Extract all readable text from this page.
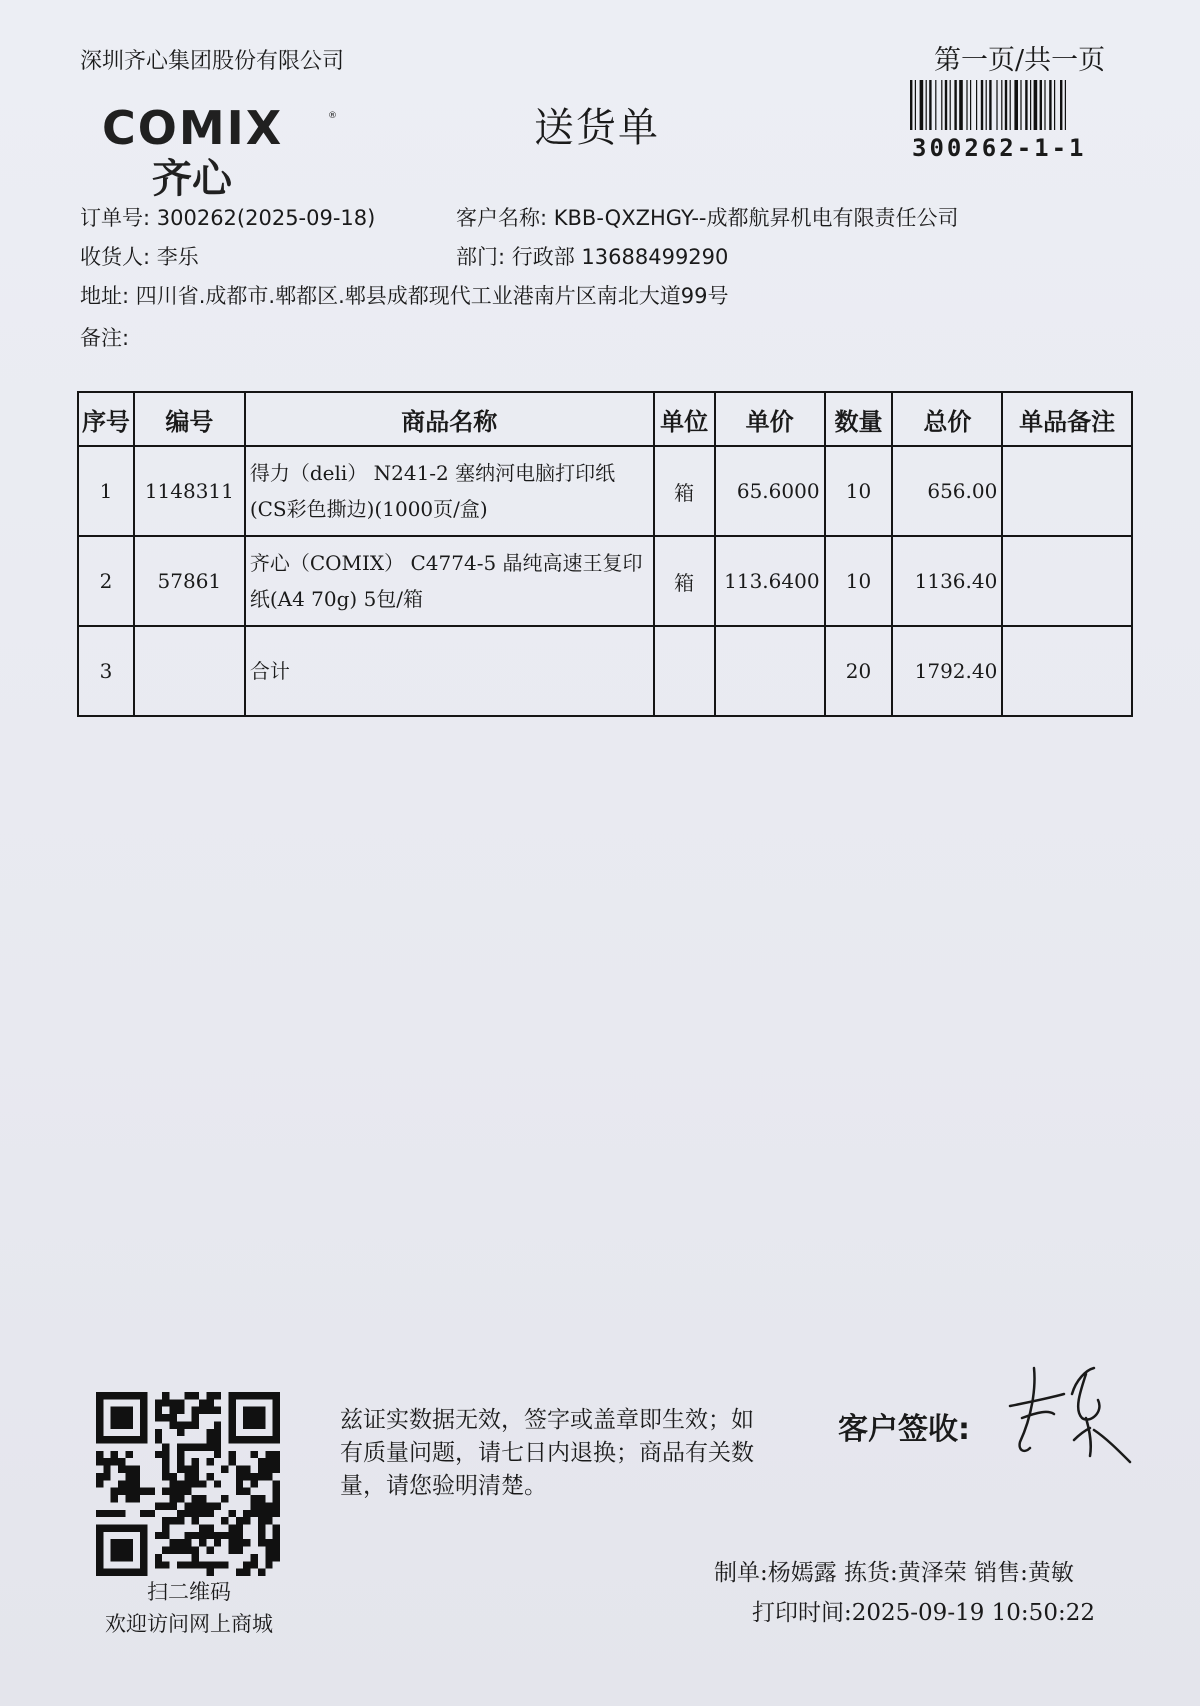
深圳齐心集团股份有限公司	第一页/共一页
300262-1-1
COMIX	®
齐心
送货单
订单号: 300262(2025-09-18)	客户名称: KBB-QXZHGY--成都航昇机电有限责任公司
收货人: 李乐	部门: 行政部 13688499290
地址: 四川省.成都市.郫都区.郫县成都现代工业港南片区南北大道99号
备注:
序号	编号	商品名称	单位	单价	数量	总价	单品备注
1	1148311	得力（deli） N241-2 塞纳河电脑打印纸(CS彩色撕边)(1000页/盒)	箱	65.6000	10	656.00	
2	57861	齐心（COMIX） C4774-5 晶纯高速王复印纸(A4 70g) 5包/箱	箱	113.6400	10	1136.40	
3		合计			20	1792.40	
扫二维码
欢迎访问网上商城
兹证实数据无效，签字或盖章即生效；如有质量问题，请七日内退换；商品有关数量，请您验明清楚。
客户签收:
制单:杨嫣露 拣货:黄泽荣 销售:黄敏
打印时间:2025-09-19 10:50:22
